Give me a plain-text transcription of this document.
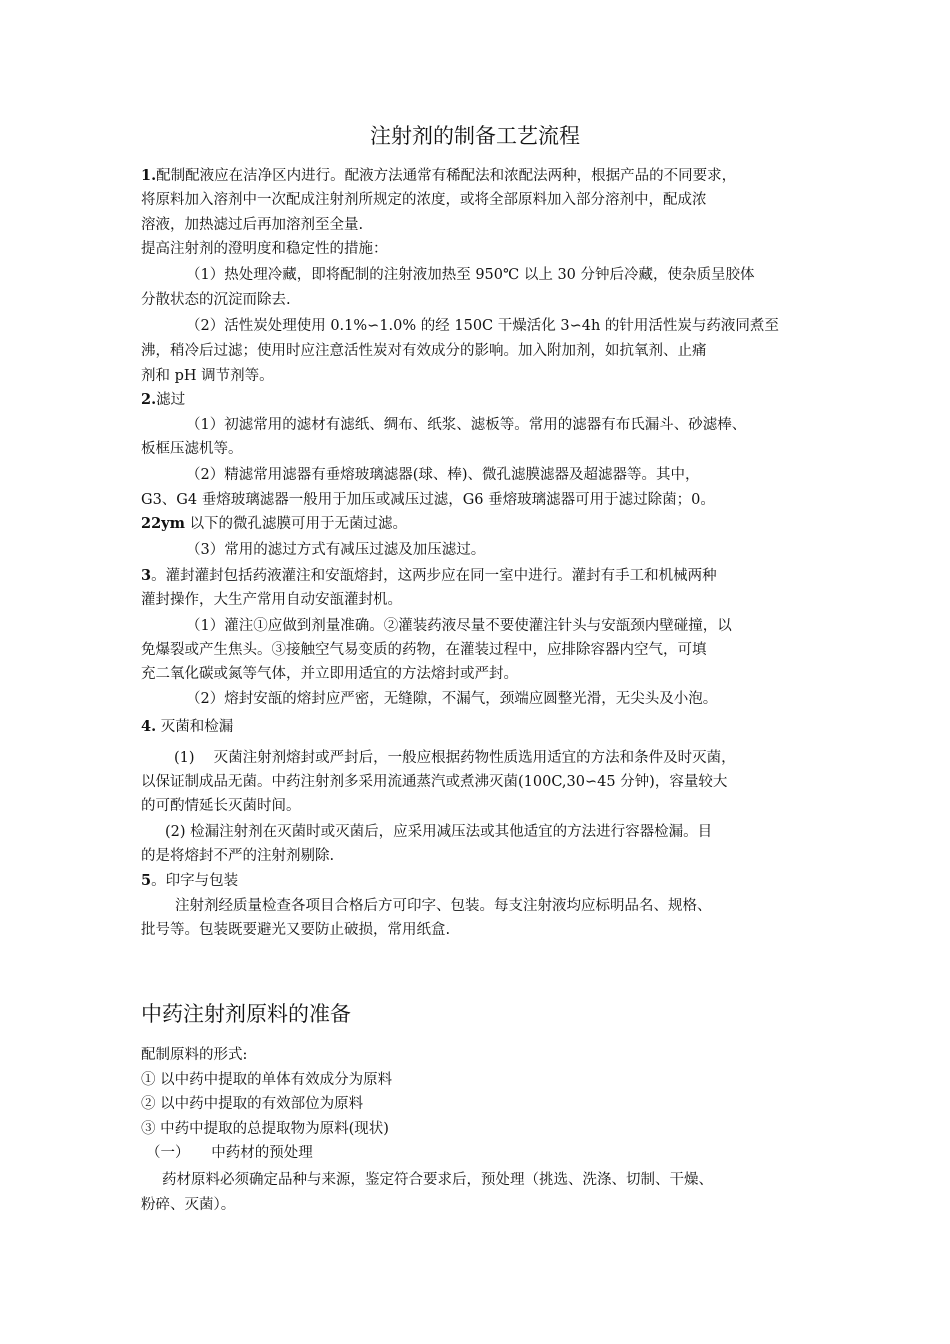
注射剂的制备工艺流程
1.配制配液应在洁净区内进行。配液方法通常有稀配法和浓配法两种，根据产品的不同要求，
将原料加入溶剂中一次配成注射剂所规定的浓度，或将全部原料加入部分溶剂中，配成浓
溶液，加热滤过后再加溶剂至全量.
提高注射剂的澄明度和稳定性的措施：
（1）热处理冷藏，即将配制的注射液加热至 950℃ 以上 30 分钟后冷藏，使杂质呈胶体
分散状态的沉淀而除去.
（2）活性炭处理使用 0.1%∽1.0% 的经 150C 干燥活化 3∽4h 的针用活性炭与药液同煮至
沸，稍冷后过滤；使用时应注意活性炭对有效成分的影响。加入附加剂，如抗氧剂、止痛
剂和 pH 调节剂等。
2.滤过
（1）初滤常用的滤材有滤纸、绸布、纸浆、滤板等。常用的滤器有布氏漏斗、砂滤棒、
板框压滤机等。
（2）精滤常用滤器有垂熔玻璃滤器(球、棒)、微孔滤膜滤器及超滤器等。其中，
G3、G4 垂熔玻璃滤器一般用于加压或减压过滤，G6 垂熔玻璃滤器可用于滤过除菌；0。
22ym 以下的微孔滤膜可用于无菌过滤。
（3）常用的滤过方式有减压过滤及加压滤过。
3。灌封灌封包括药液灌注和安瓿熔封，这两步应在同一室中进行。灌封有手工和机械两种
灌封操作，大生产常用自动安瓿灌封机。
（1）灌注①应做到剂量准确。②灌装药液尽量不要使灌注针头与安瓿颈内壁碰撞，以
免爆裂或产生焦头。③接触空气易变质的药物，在灌装过程中，应排除容器内空气，可填
充二氧化碳或氮等气体，并立即用适宜的方法熔封或严封。
（2）熔封安瓿的熔封应严密，无缝隙，不漏气，颈端应圆整光滑，无尖头及小泡。
4. 灭菌和检漏
(1)　 灭菌注射剂熔封或严封后，一般应根据药物性质选用适宜的方法和条件及时灭菌，
以保证制成品无菌。中药注射剂多采用流通蒸汽或煮沸灭菌(100C,30∽45 分钟)，容量较大
的可酌情延长灭菌时间。
(2) 检漏注射剂在灭菌时或灭菌后，应采用减压法或其他适宜的方法进行容器检漏。目
的是将熔封不严的注射剂剔除.
5。印字与包装
注射剂经质量检查各项目合格后方可印字、包装。每支注射液均应标明品名、规格、
批号等。包装既要避光又要防止破损，常用纸盒.
中药注射剂原料的准备
配制原料的形式:
① 以中药中提取的单体有效成分为原料
② 以中药中提取的有效部位为原料
③ 中药中提取的总提取物为原料(现状)
（一）　　中药材的预处理
药材原料必须确定品种与来源，鉴定符合要求后，预处理（挑选、洗涤、切制、干燥、
粉碎、灭菌）。
